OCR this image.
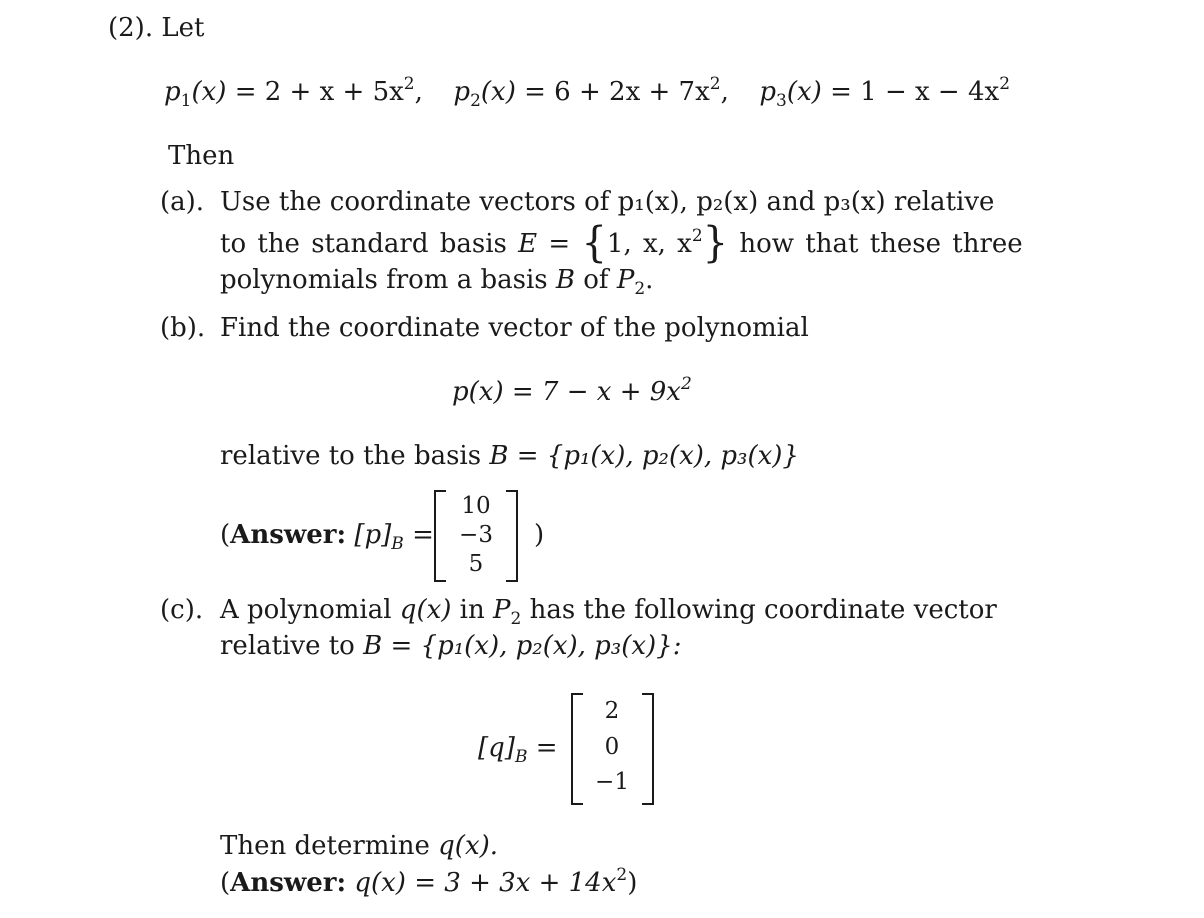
(2). Let
$p_1(x) = 2 + x + 5x^2$, $p_2(x) = 6 + 2x + 7x^2$, $p_3(x) = 1 - x - 4x^2$
Then
(a). Use the coordinate vectors of p₁(x), p₂(x) and p₃(x) relative
to the standard basis E = {1, x, $x^2$} how that these three
polynomials from a basis B of $P_2$.
(b). Find the coordinate vector of the polynomial
$p(x) = 7 - x + 9x^2$
relative to the basis B = {p₁(x), p₂(x), p₃(x)}
(Answer: $[p]_B$ =
10
−3
5
)
(c). A polynomial q(x) in $P_2$ has the following coordinate vector
relative to B = {p₁(x), p₂(x), p₃(x)}:
$[q]_B$ =
2
0
−1
Then determine q(x).
(Answer: $q(x) = 3 + 3x + 14x^2$)
